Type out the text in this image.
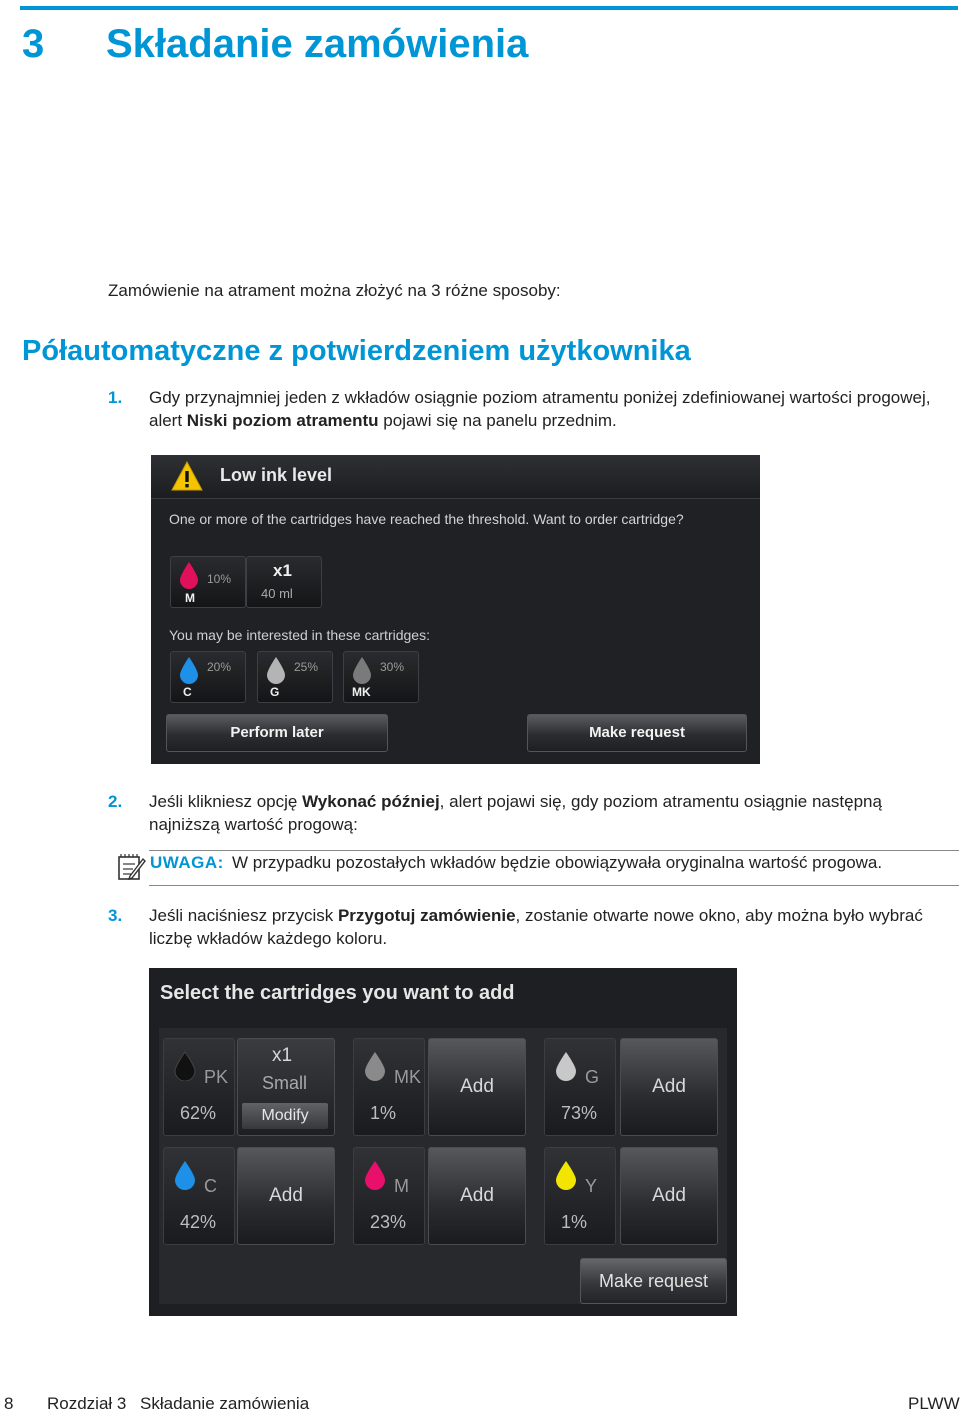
3 Składanie zamówienia
Zamówienie na atrament można złożyć na 3 różne sposoby:
Półautomatyczne z potwierdzeniem użytkownika
1. Gdy przynajmniej jeden z wkładów osiągnie poziom atramentu poniżej zdefiniowanej wartości progowej, alert Niski poziom atramentu pojawi się na panelu przednim.
Low ink level
One or more of the cartridges have reached the threshold. Want to order cartridge?
10%
M
x1
40 ml
You may be interested in these cartridges:
20%
C
25%
G
30%
MK
Perform later	Make request
2. Jeśli klikniesz opcję Wykonać później, alert pojawi się, gdy poziom atramentu osiągnie następną najniższą wartość progową:
UWAGA: W przypadku pozostałych wkładów będzie obowiązywała oryginalna wartość progowa.
3. Jeśli naciśniesz przycisk Przygotuj zamówienie, zostanie otwarte nowe okno, aby można było wybrać liczbę wkładów każdego koloru.
Select the cartridges you want to add
PK
62%
x1
Small
Modify
MK
1%
Add	G
73%
Add
C
42%
Add	M
23%
Add	Y
1%
Add
Make request
8 Rozdział 3 Składanie zamówienia	PLWW
